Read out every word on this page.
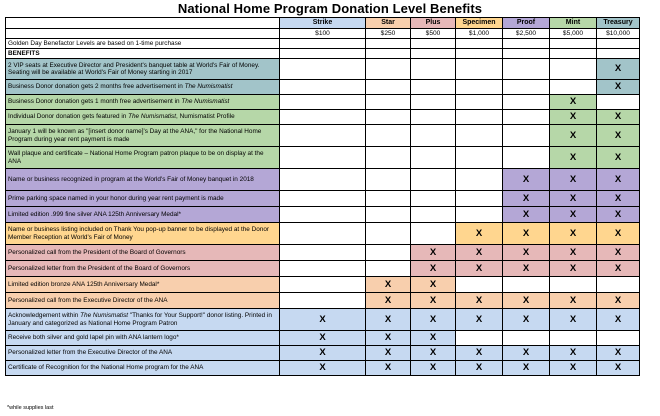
National Home Program Donation Level Benefits
	Strike	Star	Plus	Specimen	Proof	Mint	Treasury
	$100	$250	$500	$1,000	$2,500	$5,000	$10,000
Golden Day Benefactor Levels are based on 1-time purchase							
BENEFITS							
2 VIP seats at Executive Director and President's banquet table at World's Fair of Money. Seating will be available at World's Fair of Money starting in 2017							X
Business Donor donation gets 2 months free advertisement in The Numismatist							X
Business Donor donation gets 1 month free advertisement in The Numismatist						X	
Individual Donor donation gets featured in The Numismatist, Numismatist Profile						X	X
January 1 will be known as "[insert donor name]'s Day at the ANA," for the National Home Program during year rent payment is made						X	X
Wall plaque and certificate – National Home Program patron plaque to be on display at the ANA						X	X
Name or business recognized in program at the World's Fair of Money banquet in 2018					X	X	X
Prime parking space named in your honor during year rent payment is made					X	X	X
Limited edition .999 fine silver ANA 125th Anniversary Medal*					X	X	X
Name or business listing included on Thank You pop-up banner to be displayed at the Donor Member Reception at World's Fair of Money				X	X	X	X
Personalized call from the President of the Board of Governors			X	X	X	X	X
Personalized letter from the President of the Board of Governors			X	X	X	X	X
Limited edition bronze ANA 125th Anniversary Medal*		X	X				
Personalized call from the Executive Director of the ANA		X	X	X	X	X	X
Acknowledgement within The Numismatist "Thanks for Your Support!" donor listing. Printed in January and categorized as National Home Program Patron	X	X	X	X	X	X	X
Receive both silver and gold lapel pin with ANA lantern logo*	X	X	X				
Personalized letter from the Executive Director of the ANA	X	X	X	X	X	X	X
Certificate of Recognition for the National Home program for the ANA	X	X	X	X	X	X	X
*while supplies last
